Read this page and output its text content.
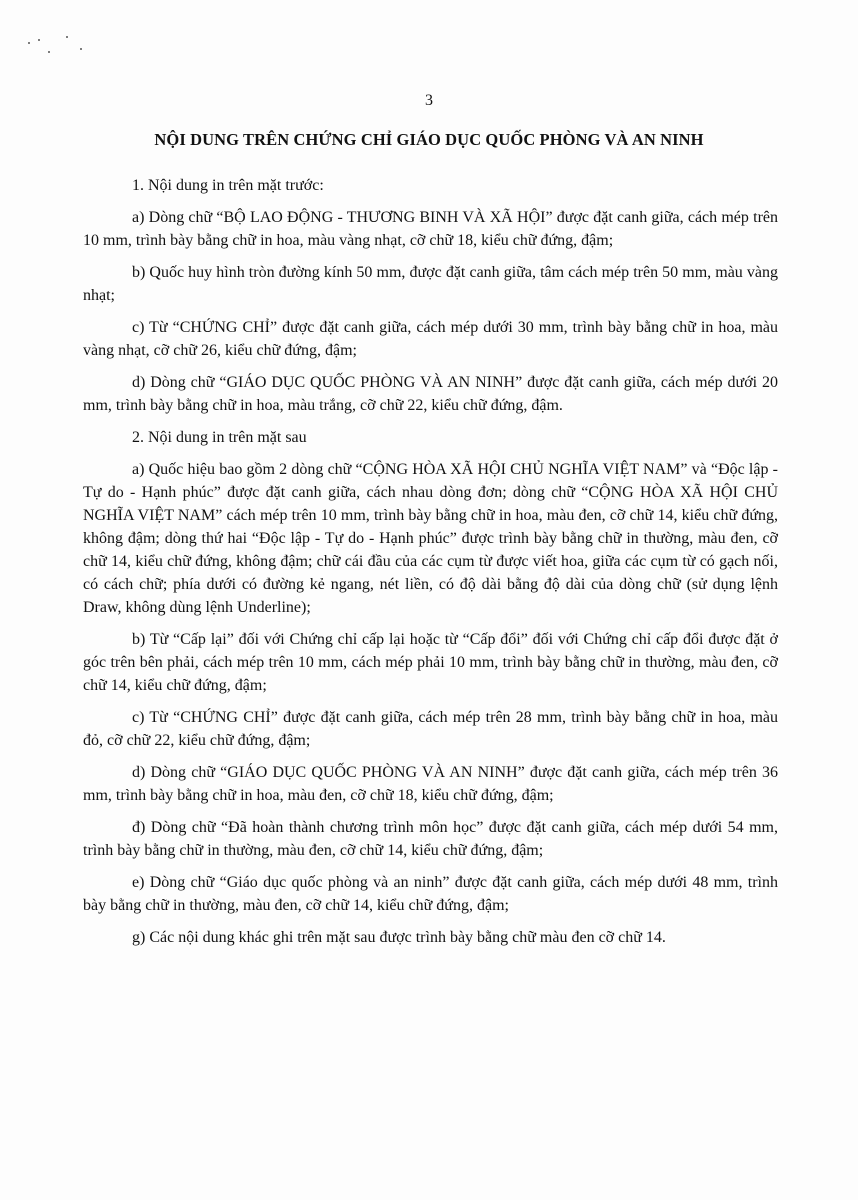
3
NỘI DUNG TRÊN CHỨNG CHỈ GIÁO DỤC QUỐC PHÒNG VÀ AN NINH

1. Nội dung in trên mặt trước:

a) Dòng chữ “BỘ LAO ĐỘNG - THƯƠNG BINH VÀ XÃ HỘI” được đặt canh giữa, cách mép trên 10 mm, trình bày bằng chữ in hoa, màu vàng nhạt, cỡ chữ 18, kiểu chữ đứng, đậm;

b) Quốc huy hình tròn đường kính 50 mm, được đặt canh giữa, tâm cách mép trên 50 mm, màu vàng nhạt;

c) Từ “CHỨNG CHỈ” được đặt canh giữa, cách mép dưới 30 mm, trình bày bằng chữ in hoa, màu vàng nhạt, cỡ chữ 26, kiểu chữ đứng, đậm;

d) Dòng chữ “GIÁO DỤC QUỐC PHÒNG VÀ AN NINH” được đặt canh giữa, cách mép dưới 20 mm, trình bày bằng chữ in hoa, màu trắng, cỡ chữ 22, kiểu chữ đứng, đậm.

2. Nội dung in trên mặt sau

a) Quốc hiệu bao gồm 2 dòng chữ “CỘNG HÒA XÃ HỘI CHỦ NGHĨA VIỆT NAM” và “Độc lập - Tự do - Hạnh phúc” được đặt canh giữa, cách nhau dòng đơn; dòng chữ “CỘNG HÒA XÃ HỘI CHỦ NGHĨA VIỆT NAM” cách mép trên 10 mm, trình bày bằng chữ in hoa, màu đen, cỡ chữ 14, kiểu chữ đứng, không đậm; dòng thứ hai “Độc lập - Tự do - Hạnh phúc” được trình bày bằng chữ in thường, màu đen, cỡ chữ 14, kiểu chữ đứng, không đậm; chữ cái đầu của các cụm từ được viết hoa, giữa các cụm từ có gạch nối, có cách chữ; phía dưới có đường kẻ ngang, nét liền, có độ dài bằng độ dài của dòng chữ (sử dụng lệnh Draw, không dùng lệnh Underline);

b) Từ “Cấp lại” đối với Chứng chỉ cấp lại hoặc từ “Cấp đổi” đối với Chứng chỉ cấp đổi được đặt ở góc trên bên phải, cách mép trên 10 mm, cách mép phải 10 mm, trình bày bằng chữ in thường, màu đen, cỡ chữ 14, kiểu chữ đứng, đậm;

c) Từ “CHỨNG CHỈ” được đặt canh giữa, cách mép trên 28 mm, trình bày bằng chữ in hoa, màu đỏ, cỡ chữ 22, kiểu chữ đứng, đậm;

d) Dòng chữ “GIÁO DỤC QUỐC PHÒNG VÀ AN NINH” được đặt canh giữa, cách mép trên 36 mm, trình bày bằng chữ in hoa, màu đen, cỡ chữ 18, kiểu chữ đứng, đậm;

đ) Dòng chữ “Đã hoàn thành chương trình môn học” được đặt canh giữa, cách mép dưới 54 mm, trình bày bằng chữ in thường, màu đen, cỡ chữ 14, kiểu chữ đứng, đậm;

e) Dòng chữ “Giáo dục quốc phòng và an ninh” được đặt canh giữa, cách mép dưới 48 mm, trình bày bằng chữ in thường, màu đen, cỡ chữ 14, kiểu chữ đứng, đậm;

g) Các nội dung khác ghi trên mặt sau được trình bày bằng chữ màu đen cỡ chữ 14.
